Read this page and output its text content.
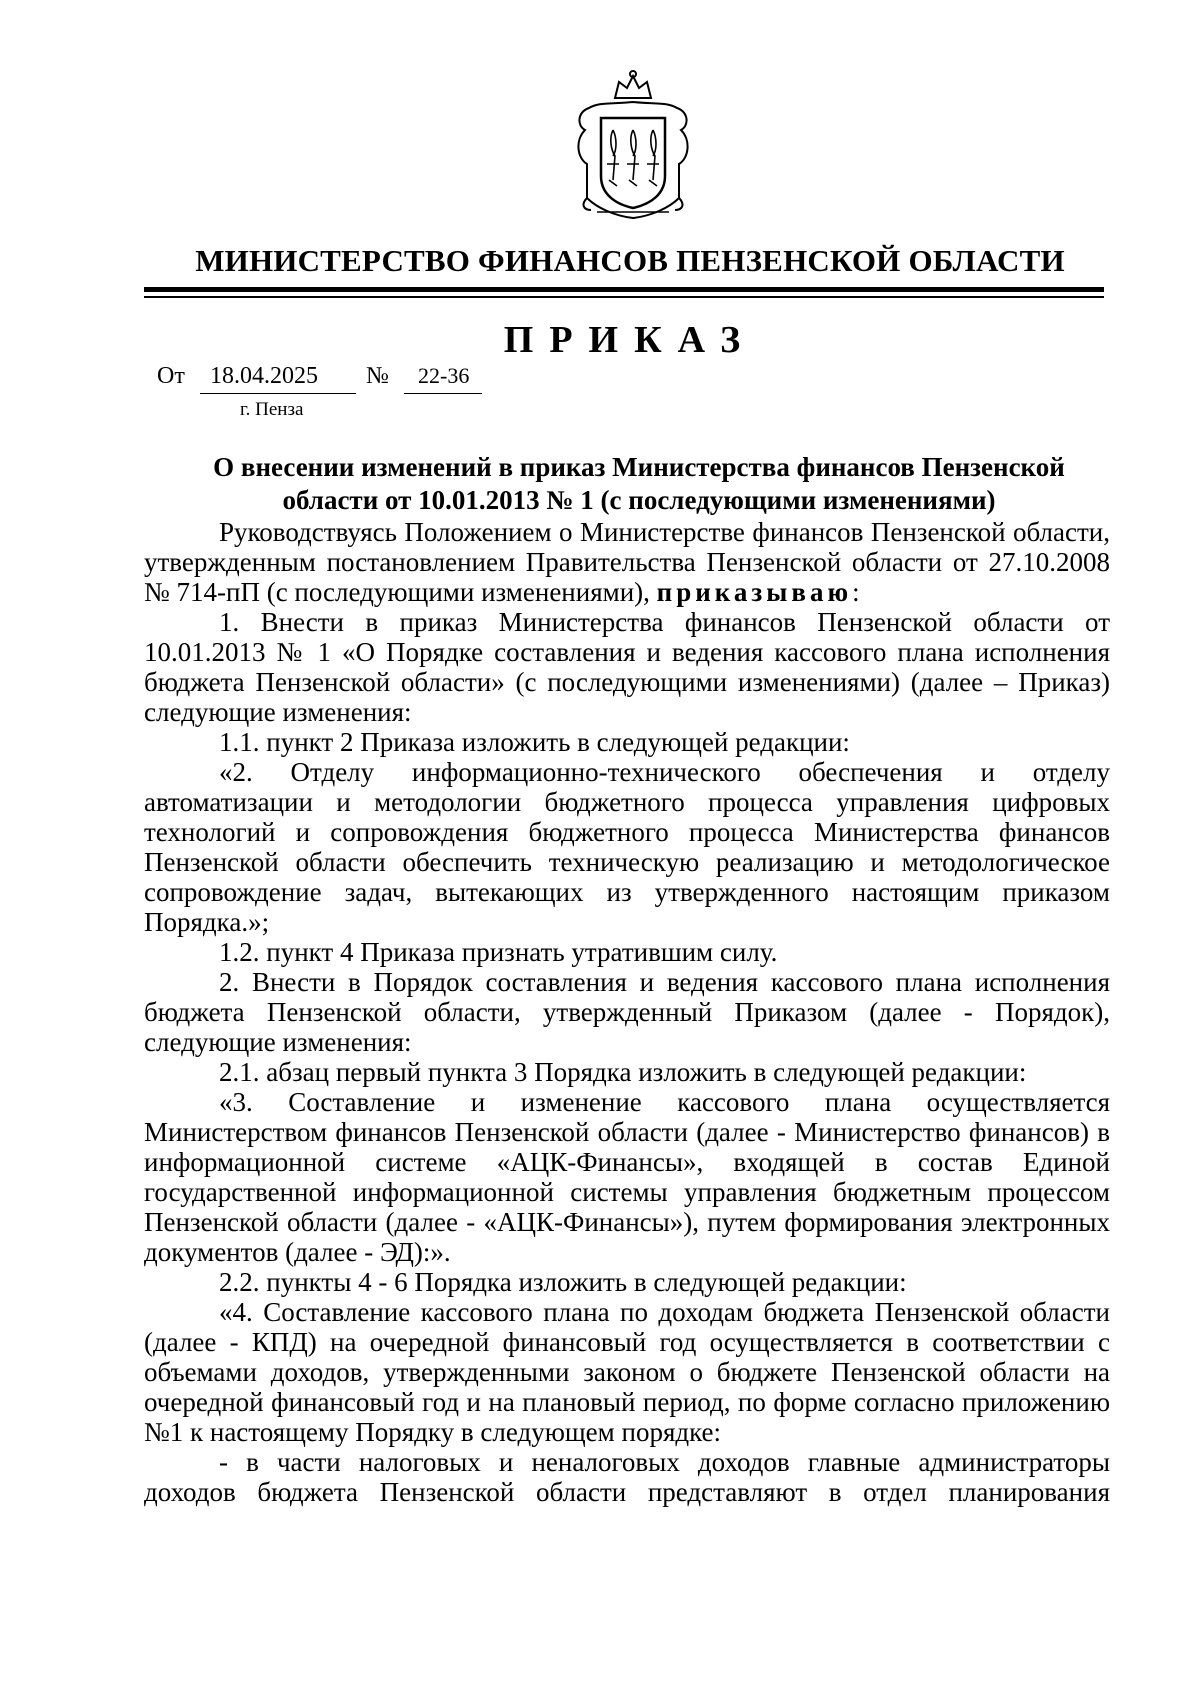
МИНИСТЕРСТВО ФИНАНСОВ ПЕНЗЕНСКОЙ ОБЛАСТИ
ПРИКАЗ
От	18.04.2025	№	22-36
г. Пенза
О внесении изменений в приказ Министерства финансов Пензенской
области от 10.01.2013 № 1 (с последующими изменениями)

Руководствуясь Положением о Министерстве финансов Пензенской области, утвержденным постановлением Правительства Пензенской области от 27.10.2008 № 714-пП (с последующими изменениями), приказываю:

1. Внести в приказ Министерства финансов Пензенской области от 10.01.2013 № 1 «О Порядке составления и ведения кассового плана исполнения бюджета Пензенской области» (с последующими изменениями) (далее – Приказ) следующие изменения:

1.1. пункт 2 Приказа изложить в следующей редакции:

«2. Отделу информационно-технического обеспечения и отделу автоматизации и методологии бюджетного процесса управления цифровых технологий и сопровождения бюджетного процесса Министерства финансов Пензенской области обеспечить техническую реализацию и методологическое сопровождение задач, вытекающих из утвержденного настоящим приказом Порядка.»;

1.2. пункт 4 Приказа признать утратившим силу.

2. Внести в Порядок составления и ведения кассового плана исполнения бюджета Пензенской области, утвержденный Приказом (далее - Порядок), следующие изменения:

2.1. абзац первый пункта 3 Порядка изложить в следующей редакции:

«3. Составление и изменение кассового плана осуществляется Министерством финансов Пензенской области (далее - Министерство финансов) в информационной системе «АЦК-Финансы», входящей в состав Единой государственной информационной системы управления бюджетным процессом Пензенской области (далее - «АЦК-Финансы»), путем формирования электронных документов (далее - ЭД):».

2.2. пункты 4 - 6 Порядка изложить в следующей редакции:

«4. Составление кассового плана по доходам бюджета Пензенской области (далее - КПД) на очередной финансовый год осуществляется в соответствии с объемами доходов, утвержденными законом о бюджете Пензенской области на очередной финансовый год и на плановый период, по форме согласно приложению №1 к настоящему Порядку в следующем порядке:

- в части налоговых и неналоговых доходов главные администраторы доходов бюджета Пензенской области представляют в отдел планирования
